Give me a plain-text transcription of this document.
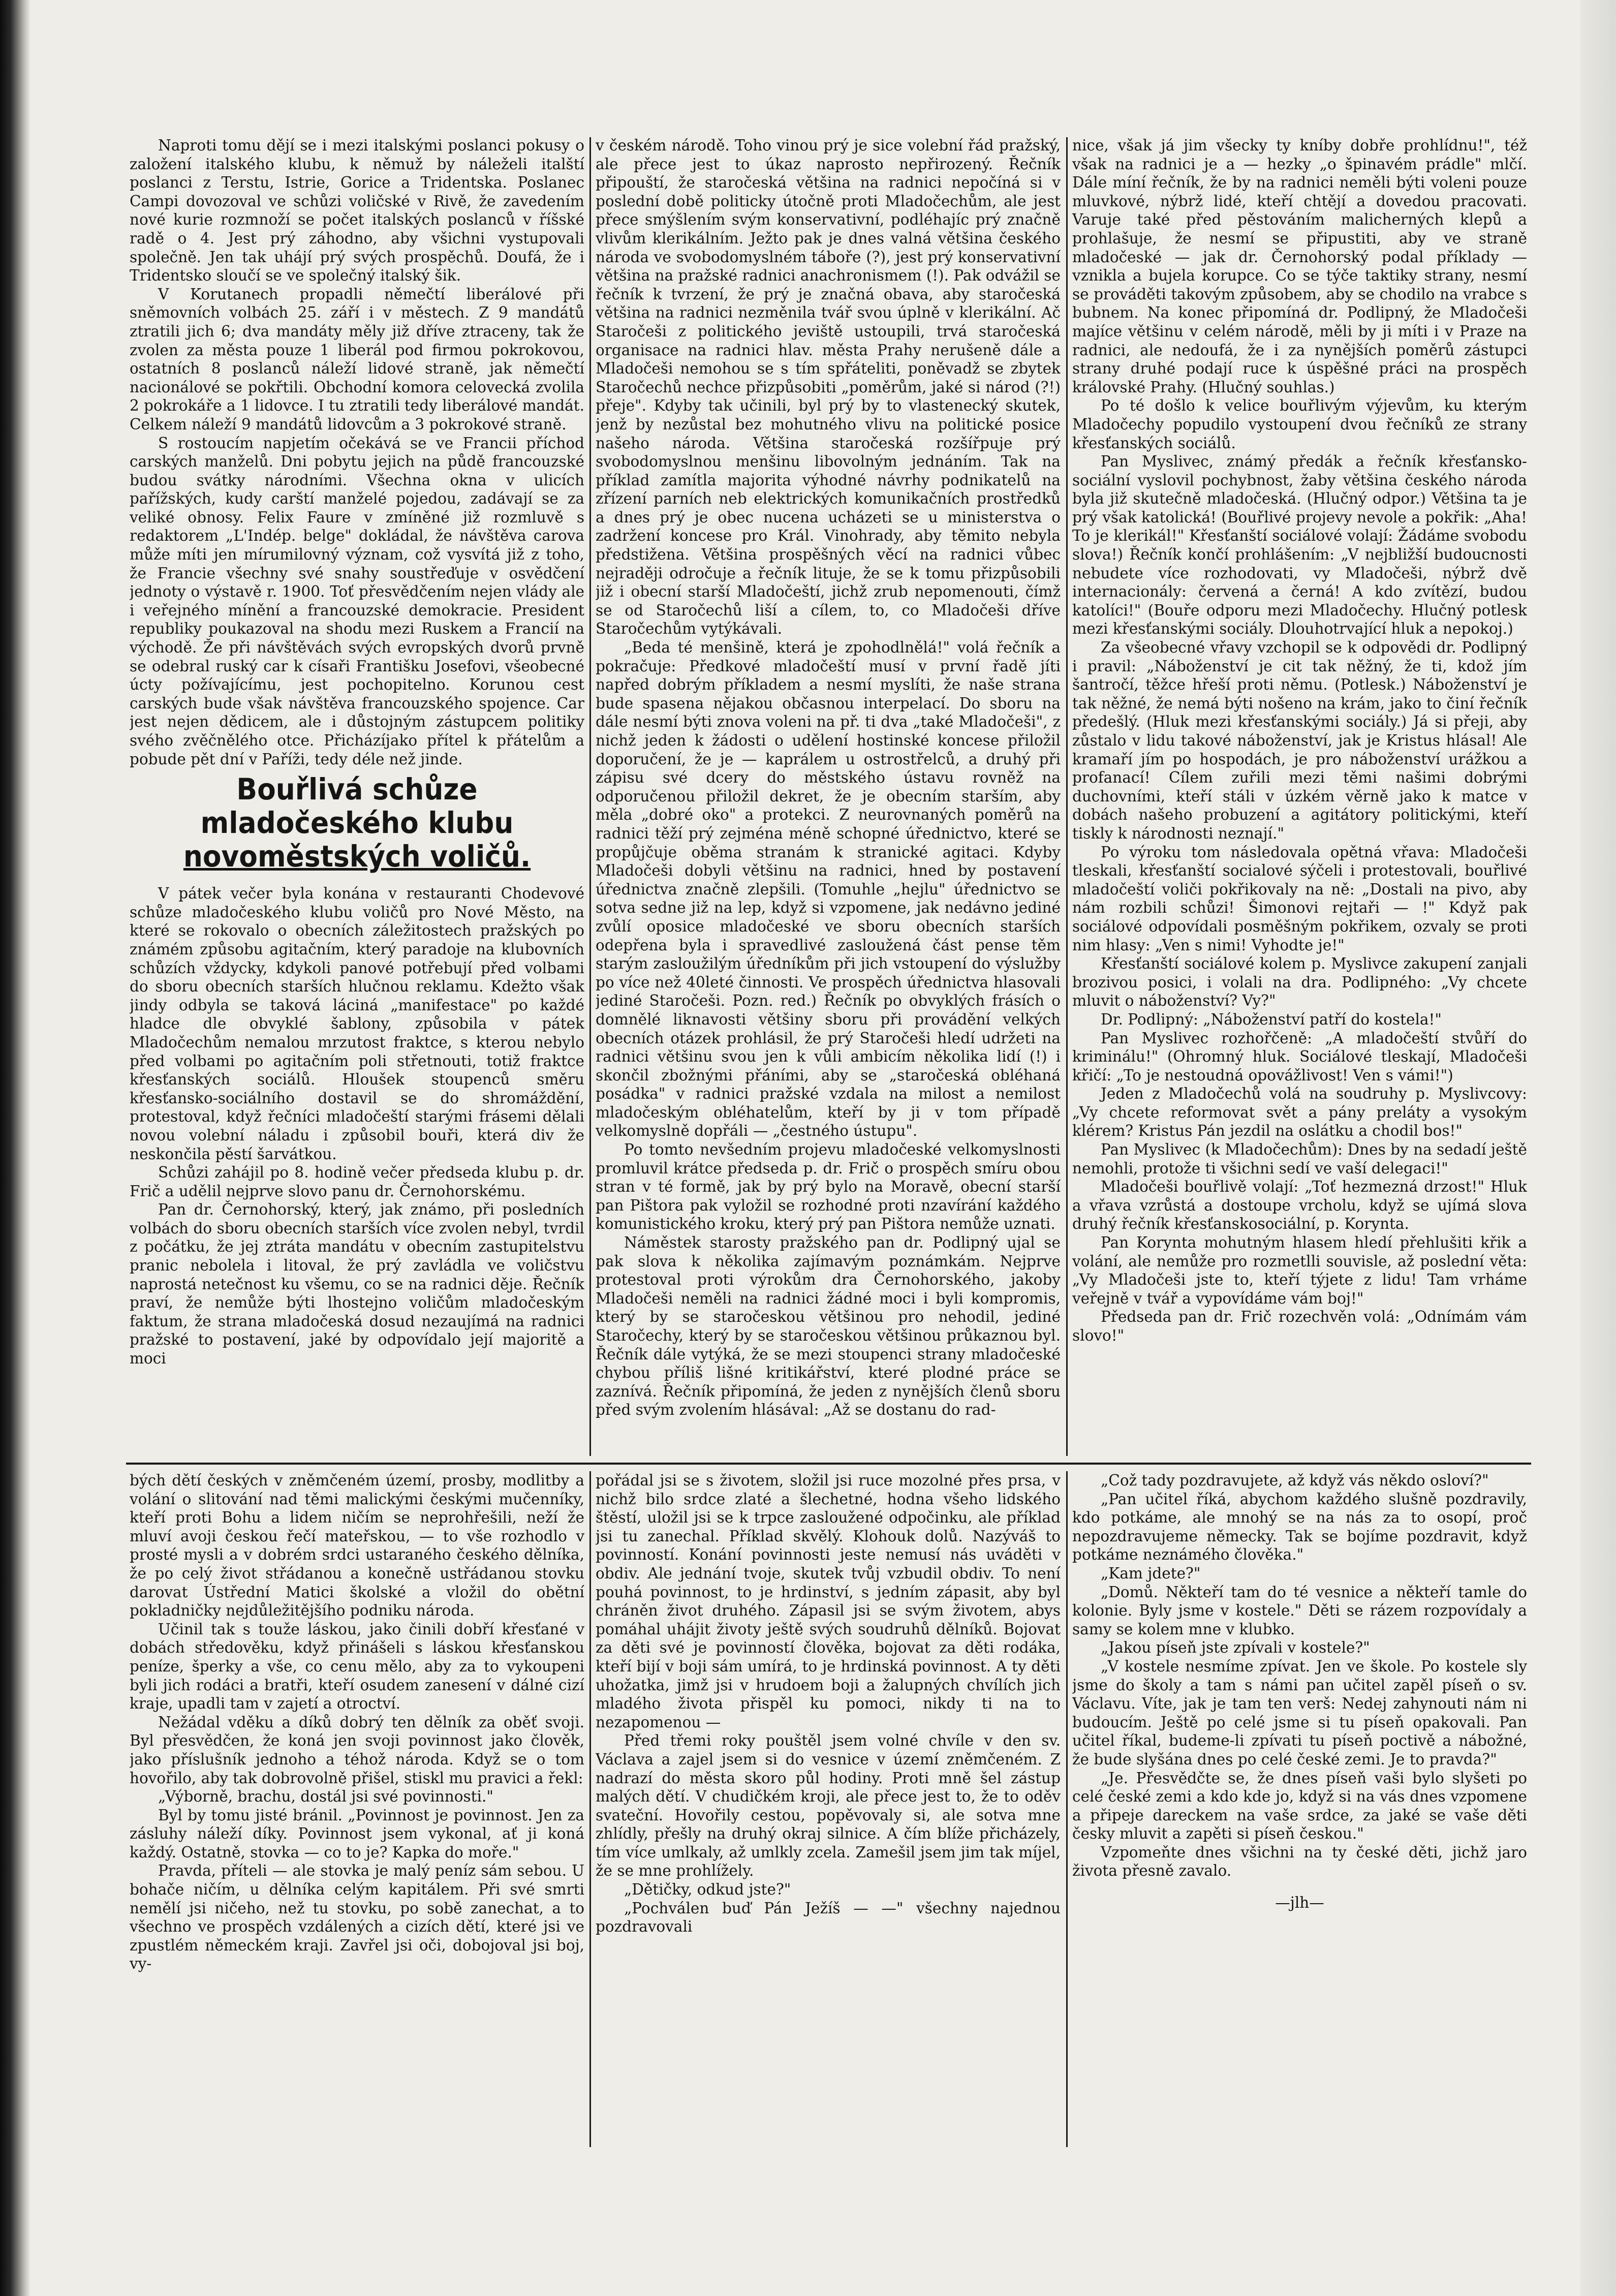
Naproti tomu dějí se i mezi italskými poslanci pokusy o založení italského klubu, k němuž by náleželi italští poslanci z Terstu, Istrie, Gorice a Tridentska. Poslanec Campi dovozoval ve schůzi voličské v Rivě, že zavedením nové kurie rozmnoží se počet italských poslanců v říšské radě o 4. Jest prý záhodno, aby všichni vystupovali společně. Jen tak uhájí prý svých prospěchů. Doufá, že i Tridentsko sloučí se ve společný italský šik.

V Korutanech propadli němečtí liberálové při sněmovních volbách 25. září i v městech. Z 9 mandátů ztratili jich 6; dva mandáty měly již dříve ztraceny, tak že zvolen za města pouze 1 liberál pod firmou pokrokovou, ostatních 8 poslanců náleží lidové straně, jak němečtí nacionálové se pokřtili. Obchodní komora celovecká zvolila 2 pokrokáře a 1 lidovce. I tu ztratili tedy liberálové mandát. Celkem náleží 9 mandátů lidovcům a 3 pokrokové straně.

S rostoucím napjetím očekává se ve Francii příchod carských manželů. Dni pobytu jejich na půdě francouzské budou svátky národními. Všechna okna v ulicích pařížských, kudy carští manželé pojedou, zadávají se za veliké obnosy. Felix Faure v zmíněné již rozmluvě s redaktorem „L'Indép. belge" dokládal, že návštěva carova může míti jen mírumilovný význam, což vysvítá již z toho, že Francie všechny své snahy soustřeďuje v osvědčení jednoty o výstavě r. 1900. Toť přesvědčením nejen vlády ale i veřejného mínění a francouzské demokracie. President republiky poukazoval na shodu mezi Ruskem a Francií na východě. Že při návštěvách svých evropských dvorů prvně se odebral ruský car k císaři Františku Josefovi, všeobecné úcty požívajícímu, jest pochopitelno. Korunou cest carských bude však návštěva francouzského spojence. Car jest nejen dědicem, ale i důstojným zástupcem politiky svého zvěčnělého otce. Přicházíjako přítel k přátelům a pobude pět dní v Paříži, tedy déle než jinde.

Bouřlivá schůze mladočeského klubu
novoměstských voličů.

V pátek večer byla konána v restauranti Chodevové schůze mladočeského klubu voličů pro Nové Město, na které se rokovalo o obecních záležitostech pražských po známém způsobu agitačním, který paradoje na klubovních schůzích vždycky, kdykoli panové potřebují před volbami do sboru obecních starších hlučnou reklamu. Kdežto však jindy odbyla se taková láciná „manifestace" po každé hladce dle obvyklé šablony, způsobila v pátek Mladočechům nemalou mrzutost fraktce, s kterou nebylo před volbami po agitačním poli střetnouti, totiž fraktce křesťanských sociálů. Hloušek stoupenců směru křesťansko-sociálního dostavil se do shromáždění, protestoval, když řečníci mladočeští starými frásemi dělali novou volební náladu i způsobil bouři, která div že neskončila pěstí šarvátkou.

Schůzi zahájil po 8. hodině večer předseda klubu p. dr. Frič a udělil nejprve slovo panu dr. Černohorskému.

Pan dr. Černohorský, který, jak známo, při posledních volbách do sboru obecních starších více zvolen nebyl, tvrdil z počátku, že jej ztráta mandátu v obecním zastupitelstvu pranic nebolela i litoval, že prý zavládla ve voličstvu naprostá netečnost ku všemu, co se na radnici děje. Řečník praví, že nemůže býti lhostejno voličům mladočeským faktum, že strana mladočeská dosud nezaujímá na radnici pražské to postavení, jaké by odpovídalo její majoritě a moci

v českém národě. Toho vinou prý je sice volební řád pražský, ale přece jest to úkaz naprosto nepřirozený. Řečník připouští, že staročeská většina na radnici nepočíná si v poslední době politicky útočně proti Mladočechům, ale jest přece smýšlením svým konservativní, podléhajíc prý značně vlivům klerikálním. Ježto pak je dnes valná většina českého národa ve svobodomyslném táboře (?), jest prý konservativní většina na pražské radnici anachronismem (!). Pak odvážil se řečník k tvrzení, že prý je značná obava, aby staročeská většina na radnici nezměnila tvář svou úplně v klerikální. Ač Staročeši z politického jeviště ustoupili, trvá staročeská organisace na radnici hlav. města Prahy nerušeně dále a Mladočeši nemohou se s tím spřáteliti, poněvadž se zbytek Staročechů nechce přizpůsobiti „poměrům, jaké si národ (?!) přeje". Kdyby tak učinili, byl prý by to vlastenecký skutek, jenž by nezůstal bez mohutného vlivu na politické posice našeho národa. Většina staročeská rozšířpuje prý svobodomyslnou menšinu libovolným jednáním. Tak na příklad zamítla majorita výhodné návrhy podnikatelů na zřízení parních neb elektrických komunikačních prostředků a dnes prý je obec nucena ucházeti se u ministerstva o zadržení koncese pro Král. Vinohrady, aby těmito nebyla předstižena. Většina prospěšných věcí na radnici vůbec nejraději odročuje a řečník lituje, že se k tomu přizpůsobili již i obecní starší Mladočeští, jichž zrub nepomenouti, čímž se od Staročechů liší a cílem, to, co Mladočeši dříve Staročechům vytýkávali.

„Beda té menšině, která je zpohodlnělá!" volá řečník a pokračuje: Předkové mladočeští musí v první řadě jíti napřed dobrým příkladem a nesmí myslíti, že naše strana bude spasena nějakou občasnou interpelací. Do sboru na dále nesmí býti znova voleni na př. ti dva „také Mladočeši", z nichž jeden k žádosti o udělení hostinské koncese přiložil doporučení, že je — kaprálem u ostrostřelců, a druhý při zápisu své dcery do městského ústavu rovněž na odporučenou přiložil dekret, že je obecním starším, aby měla „dobré oko" a protekci. Z neurovnaných poměrů na radnici těží prý zejména méně schopné úřednictvo, které se propůjčuje oběma stranám k stranické agitaci. Kdyby Mladočeši dobyli většinu na radnici, hned by postavení úřednictva značně zlepšili. (Tomuhle „hejlu" úřednictvo se sotva sedne již na lep, když si vzpomene, jak nedávno jediné zvůlí oposice mladočeské ve sboru obecních starších odepřena byla i spravedlivé zasloužená část pense těm starým zasloužilým úředníkům při jich vstoupení do výslužby po více než 40leté činnosti. Ve prospěch úřednictva hlasovali jediné Staročeši. Pozn. red.) Řečník po obvyklých frásích o domnělé liknavosti většiny sboru při provádění velkých obecních otázek prohlásil, že prý Staročeši hledí udržeti na radnici většinu svou jen k vůli ambicím několika lidí (!) i skončil zbožnými přáními, aby se „staročeská obléhaná posádka" v radnici pražské vzdala na milost a nemilost mladočeským obléhatelům, kteří by ji v tom případě velkomyslně dopřáli — „čestného ústupu".

Po tomto nevšedním projevu mladočeské velkomyslnosti promluvil krátce předseda p. dr. Frič o prospěch smíru obou stran v té formě, jak by prý bylo na Moravě, obecní starší pan Pištora pak vyložil se rozhodné proti nzavírání každého komunistického kroku, který prý pan Pištora nemůže uznati.

Náměstek starosty pražského pan dr. Podlipný ujal se pak slova k několika zajímavým poznámkám. Nejprve protestoval proti výrokům dra Černohorského, jakoby Mladočeši neměli na radnici žádné moci i byli kompromis, který by se staročeskou většinou pro nehodil, jediné Staročechy, který by se staročeskou většinou průkaznou byl. Řečník dále vytýká, že se mezi stoupenci strany mladočeské chybou příliš lišné kritikářství, které plodné práce se zaznívá. Řečník připomíná, že jeden z nynějších členů sboru před svým zvolením hlásával: „Až se dostanu do rad-

nice, však já jim všecky ty kníby dobře prohlídnu!", též však na radnici je a — hezky „o špinavém prádle" mlčí. Dále míní řečník, že by na radnici neměli býti voleni pouze mluvkové, nýbrž lidé, kteří chtějí a dovedou pracovati. Varuje také před pěstováním malicherných klepů a prohlašuje, že nesmí se připustiti, aby ve straně mladočeské — jak dr. Černohorský podal příklady — vznikla a bujela korupce. Co se týče taktiky strany, nesmí se prováděti takovým způsobem, aby se chodilo na vrabce s bubnem. Na konec připomíná dr. Podlipný, že Mladočeši majíce většinu v celém národě, měli by ji míti i v Praze na radnici, ale nedoufá, že i za nynějších poměrů zástupci strany druhé podají ruce k úspěšné práci na prospěch královské Prahy. (Hlučný souhlas.)

Po té došlo k velice bouřlivým výjevům, ku kterým Mladočechy popudilo vystoupení dvou řečníků ze strany křesťanských sociálů.

Pan Myslivec, známý předák a řečník křesťansko-sociální vyslovil pochybnost, žaby většina českého národa byla již skutečně mladočeská. (Hlučný odpor.) Většina ta je prý však katolická! (Bouřlivé projevy nevole a pokřik: „Aha! To je klerikál!" Křesťanští sociálové volají: Žádáme svobodu slova!) Řečník končí prohlášením: „V nejbližší budoucnosti nebudete více rozhodovati, vy Mladočeši, nýbrž dvě internacionály: červená a černá! A kdo zvítězí, budou katolíci!" (Bouře odporu mezi Mladočechy. Hlučný potlesk mezi křesťanskými sociály. Dlouhotrvající hluk a nepokoj.)

Za všeobecné vřavy vzchopil se k odpovědi dr. Podlipný i pravil: „Náboženství je cit tak něžný, že ti, kdož jím šantročí, těžce hřeší proti němu. (Potlesk.) Náboženství je tak něžné, že nemá býti nošeno na krám, jako to činí řečník předešlý. (Hluk mezi křesťanskými sociály.) Já si přeji, aby zůstalo v lidu takové náboženství, jak je Kristus hlásal! Ale kramaří jím po hospodách, je pro náboženství urážkou a profanací! Cílem zuřili mezi těmi našimi dobrými duchovními, kteří stáli v úzkém věrně jako k matce v dobách našeho probuzení a agitátory politickými, kteří tiskly k národnosti neznají."

Po výroku tom následovala opětná vřava: Mladočeši tleskali, křesťanští socialové sýčeli i protestovali, bouřlivé mladočeští voliči pokřikovaly na ně: „Dostali na pivo, aby nám rozbili schůzi! Šimonovi rejtaři — !" Když pak sociálové odpovídali posměšným pokřikem, ozvaly se proti nim hlasy: „Ven s nimi! Vyhodte je!"

Křesťanští sociálové kolem p. Myslivce zakupení zanjali brozivou posici, i volali na dra. Podlipného: „Vy chcete mluvit o náboženství? Vy?"

Dr. Podlipný: „Náboženství patří do kostela!"

Pan Myslivec rozhořčeně: „A mladočeští stvůří do kriminálu!" (Ohromný hluk. Sociálové tleskají, Mladočeši křičí: „To je nestoudná opovážlivost! Ven s vámi!")

Jeden z Mladočechů volá na soudruhy p. Myslivcovy: „Vy chcete reformovat svět a pány preláty a vysokým klérem? Kristus Pán jezdil na oslátku a chodil bos!"

Pan Myslivec (k Mladočechům): Dnes by na sedadí ještě nemohli, protože ti všichni sedí ve vaší delegaci!"

Mladočeši bouřlivě volají: „Toť hezmezná drzost!" Hluk a vřava vzrůstá a dostoupe vrcholu, když se ujímá slova druhý řečník křesťanskosociální, p. Korynta.

Pan Korynta mohutným hlasem hledí přehlušiti křik a volání, ale nemůže pro rozmetlli souvisle, až poslední věta: „Vy Mladočeši jste to, kteří týjete z lidu! Tam vrháme veřejně v tvář a vypovídáme vám boj!"

Předseda pan dr. Frič rozechvěn volá: „Odnímám vám slovo!"

bých dětí českých v zněmčeném území, prosby, modlitby a volání o slitování nad těmi malickými českými mučenníky, kteří proti Bohu a lidem ničím se neprohřešili, neží že mluví avoji českou řečí mateřskou, — to vše rozhodlo v prosté mysli a v dobrém srdci ustaraného českého dělníka, že po celý život střádanou a konečně ustřádanou stovku darovat Ústřední Matici školské a vložil do obětní pokladničky nejdůležitějšího podniku národa.

Učinil tak s touže láskou, jako činili dobří křesťané v dobách středověku, když přinášeli s láskou křesťanskou peníze, šperky a vše, co cenu mělo, aby za to vykoupeni byli jich rodáci a bratři, kteří osudem zanesení v dálné cizí kraje, upadli tam v zajetí a otroctví.

Nežádal vděku a díků dobrý ten dělník za oběť svoji. Byl přesvědčen, že koná jen svoji povinnost jako člověk, jako příslušník jednoho a téhož národa. Když se o tom hovořilo, aby tak dobrovolně přišel, stiskl mu pravici a řekl:

„Výborně, brachu, dostál jsi své povinnosti."

Byl by tomu jisté bránil. „Povinnost je povinnost. Jen za zásluhy náleží díky. Povinnost jsem vykonal, ať ji koná každý. Ostatně, stovka — co to je? Kapka do moře."

Pravda, příteli — ale stovka je malý peníz sám sebou. U bohače ničím, u dělníka celým kapitálem. Při své smrti nemělí jsi ničeho, než tu stovku, po sobě zanechat, a to všechno ve prospěch vzdálených a cizích dětí, které jsi ve zpustlém německém kraji. Zavřel jsi oči, dobojoval jsi boj, vy-

pořádal jsi se s životem, složil jsi ruce mozolné přes prsa, v nichž bilo srdce zlaté a šlechetné, hodna všeho lidského štěstí, uložil jsi se k trpce zasloužené odpočinku, ale příklad jsi tu zanechal. Příklad skvělý. Klohouk dolů. Nazýváš to povinností. Konání povinnosti jeste nemusí nás uváděti v obdiv. Ale jednání tvoje, skutek tvůj vzbudil obdiv. To není pouhá povinnost, to je hrdinství, s jedním zápasit, aby byl chráněn život druhého. Zápasil jsi se svým životem, abys pomáhal uhájit životy ještě svých soudruhů dělníků. Bojovat za děti své je povinností člověka, bojovat za děti rodáka, kteří bijí v boji sám umírá, to je hrdinská povinnost. A ty děti uhožatka, jimž jsi v hrudoem boji a žalupných chvílích jich mladého života přispěl ku pomoci, nikdy ti na to nezapomenou —

Před třemi roky pouštěl jsem volné chvíle v den sv. Václava a zajel jsem si do vesnice v území zněmčeném. Z nadrazí do města skoro půl hodiny. Proti mně šel zástup malých dětí. V chudičkém kroji, ale přece jest to, že to oděv svateční. Hovořily cestou, popěvovaly si, ale sotva mne zhlídly, přešly na druhý okraj silnice. A čím blíže přicházely, tím více umlkaly, až umlkly zcela. Zamešil jsem jim tak míjel, že se mne prohlížely.

„Dětičky, odkud jste?"

„Pochválen buď Pán Ježíš — —" všechny najednou pozdravovali

„Což tady pozdravujete, až když vás někdo osloví?"

„Pan učitel říká, abychom každého slušně pozdravily, kdo potkáme, ale mnohý se na nás za to osopí, proč nepozdravujeme německy. Tak se bojíme pozdravit, když potkáme neznámého člověka."

„Kam jdete?"

„Domů. Někteří tam do té vesnice a někteří tamle do kolonie. Byly jsme v kostele." Děti se rázem rozpovídaly a samy se kolem mne v klubko.

„Jakou píseň jste zpívali v kostele?"

„V kostele nesmíme zpívat. Jen ve škole. Po kostele sly jsme do školy a tam s námi pan učitel zapěl píseň o sv. Václavu. Víte, jak je tam ten verš: Nedej zahynouti nám ni budoucím. Ještě po celé jsme si tu píseň opakovali. Pan učitel říkal, budeme-li zpívati tu píseň poctivě a nábožné, že bude slyšána dnes po celé české zemi. Je to pravda?"

„Je. Přesvědčte se, že dnes píseň vaši bylo slyšeti po celé české zemi a kdo kde jo, když si na vás dnes vzpomene a připeje dareckem na vaše srdce, za jaké se vaše děti česky mluvit a zapěti si píseň českou."

Vzpomeňte dnes všichni na ty české děti, jichž jaro života přesně zavalo.

—jlh—
